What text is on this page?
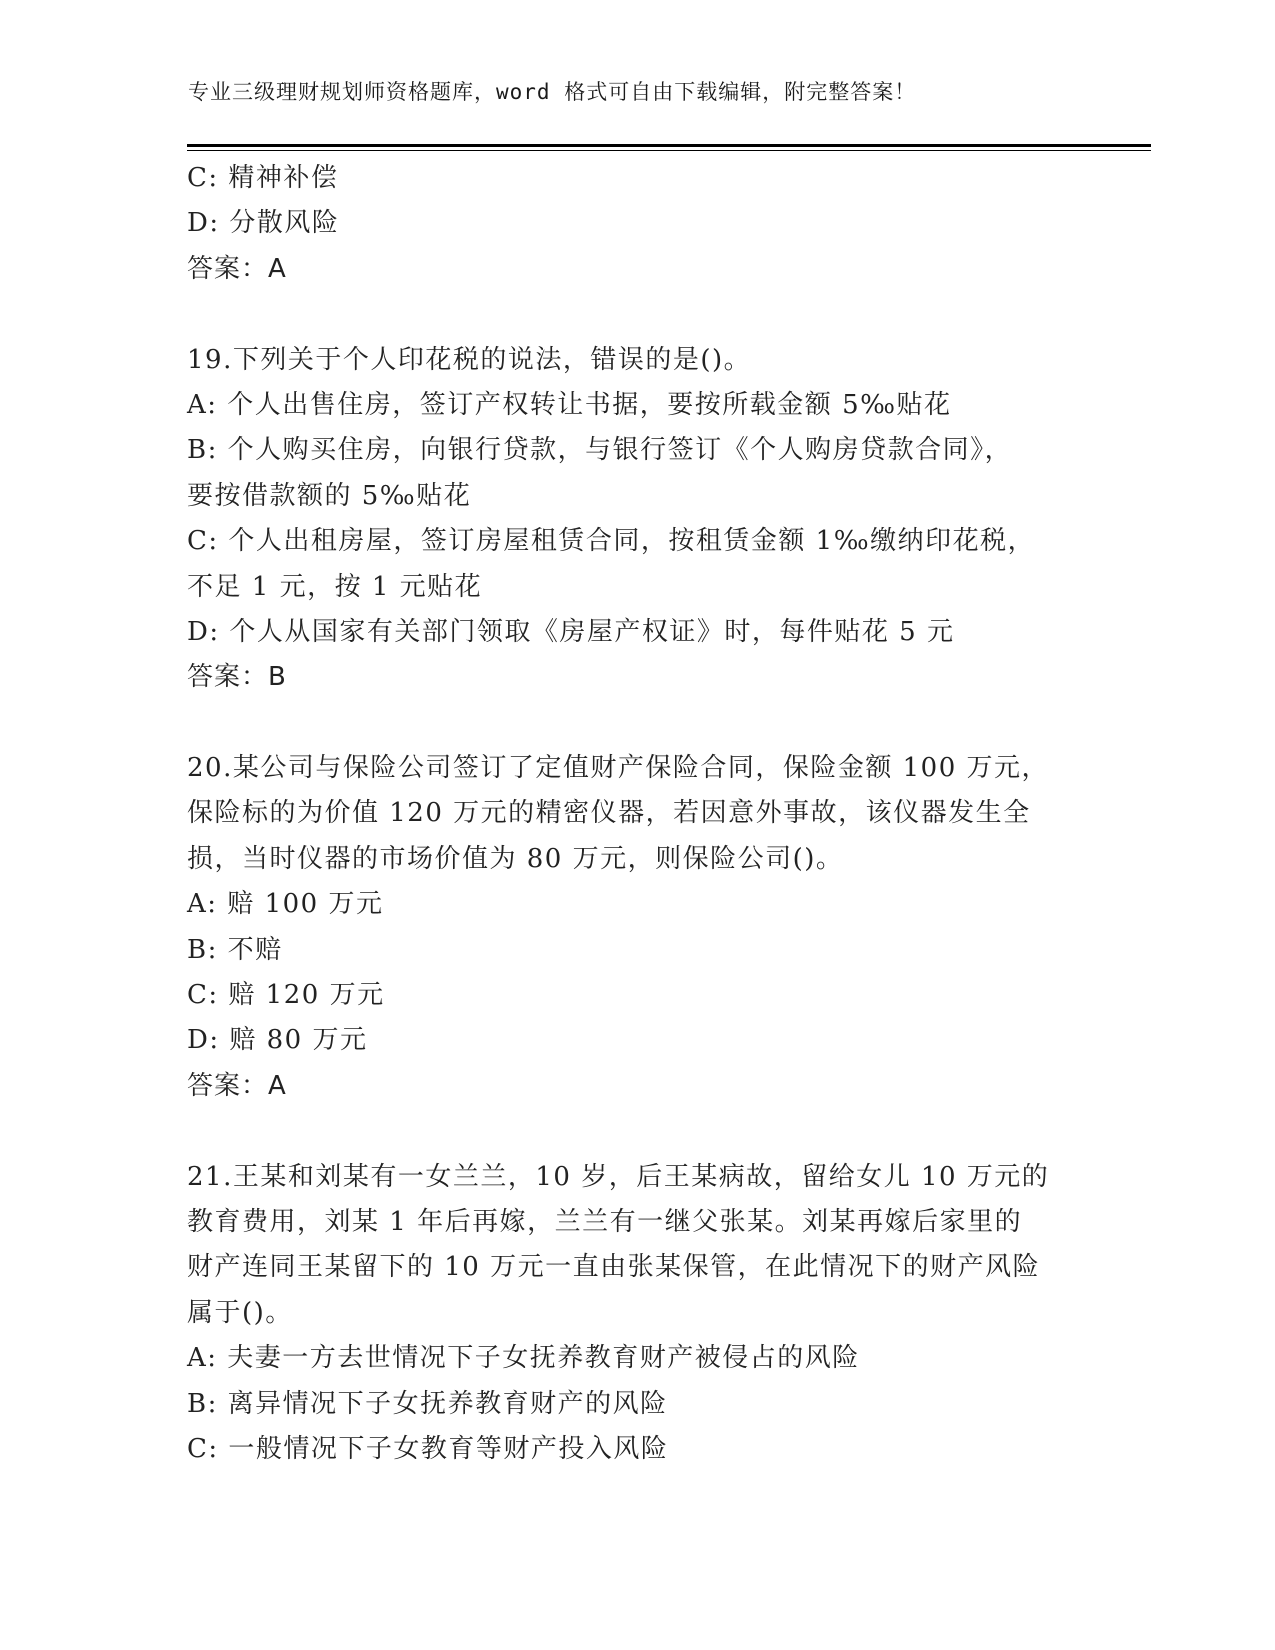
专业三级理财规划师资格题库，word 格式可自由下载编辑，附完整答案！
C: 精神补偿
D: 分散风险
答案：A
19.下列关于个人印花税的说法，错误的是()。
A: 个人出售住房，签订产权转让书据，要按所载金额 5‰贴花
B: 个人购买住房，向银行贷款，与银行签订《个人购房贷款合同》，
要按借款额的 5‰贴花
C: 个人出租房屋，签订房屋租赁合同，按租赁金额 1‰缴纳印花税，
不足 1 元，按 1 元贴花
D: 个人从国家有关部门领取《房屋产权证》时，每件贴花 5 元
答案：B
20.某公司与保险公司签订了定值财产保险合同，保险金额 100 万元，
保险标的为价值 120 万元的精密仪器，若因意外事故，该仪器发生全
损，当时仪器的市场价值为 80 万元，则保险公司()。
A: 赔 100 万元
B: 不赔
C: 赔 120 万元
D: 赔 80 万元
答案：A
21.王某和刘某有一女兰兰，10 岁，后王某病故，留给女儿 10 万元的
教育费用，刘某 1 年后再嫁，兰兰有一继父张某。刘某再嫁后家里的
财产连同王某留下的 10 万元一直由张某保管，在此情况下的财产风险
属于()。
A: 夫妻一方去世情况下子女抚养教育财产被侵占的风险
B: 离异情况下子女抚养教育财产的风险
C: 一般情况下子女教育等财产投入风险
